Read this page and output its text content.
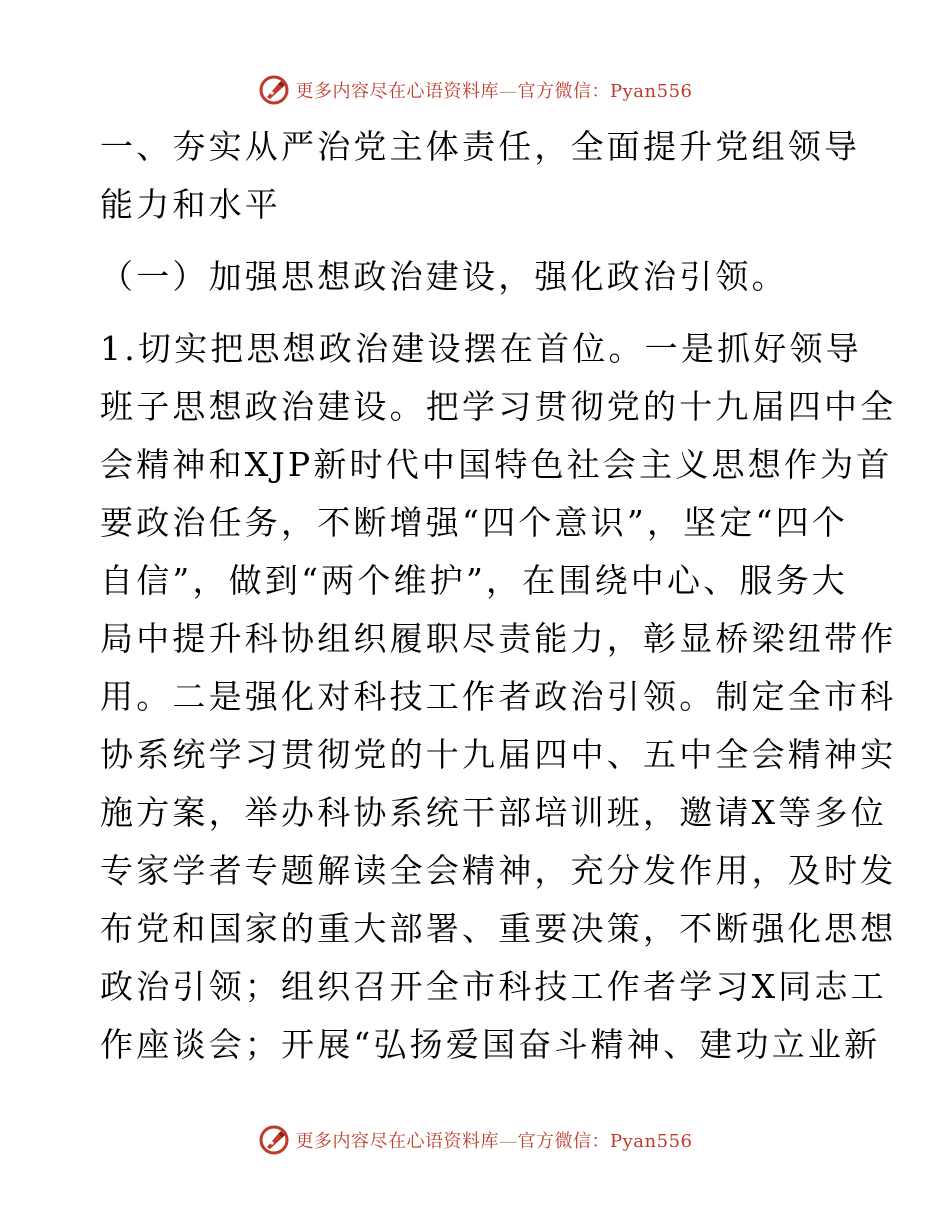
更多内容尽在心语资料库—官方微信：Pyan556
一、夯实从严治党主体责任，全面提升党组领导
能力和水平
（一）加强思想政治建设，强化政治引领。
1.切实把思想政治建设摆在首位。一是抓好领导
班子思想政治建设。把学习贯彻党的十九届四中全
会精神和XJP新时代中国特色社会主义思想作为首
要政治任务，不断增强“四个意识”，坚定“四个
自信”，做到“两个维护”，在围绕中心、服务大
局中提升科协组织履职尽责能力，彰显桥梁纽带作
用。二是强化对科技工作者政治引领。制定全市科
协系统学习贯彻党的十九届四中、五中全会精神实
施方案，举办科协系统干部培训班，邀请X等多位
专家学者专题解读全会精神，充分发作用，及时发
布党和国家的重大部署、重要决策，不断强化思想
政治引领；组织召开全市科技工作者学习X同志工
作座谈会；开展“弘扬爱国奋斗精神、建功立业新
更多内容尽在心语资料库—官方微信：Pyan556
